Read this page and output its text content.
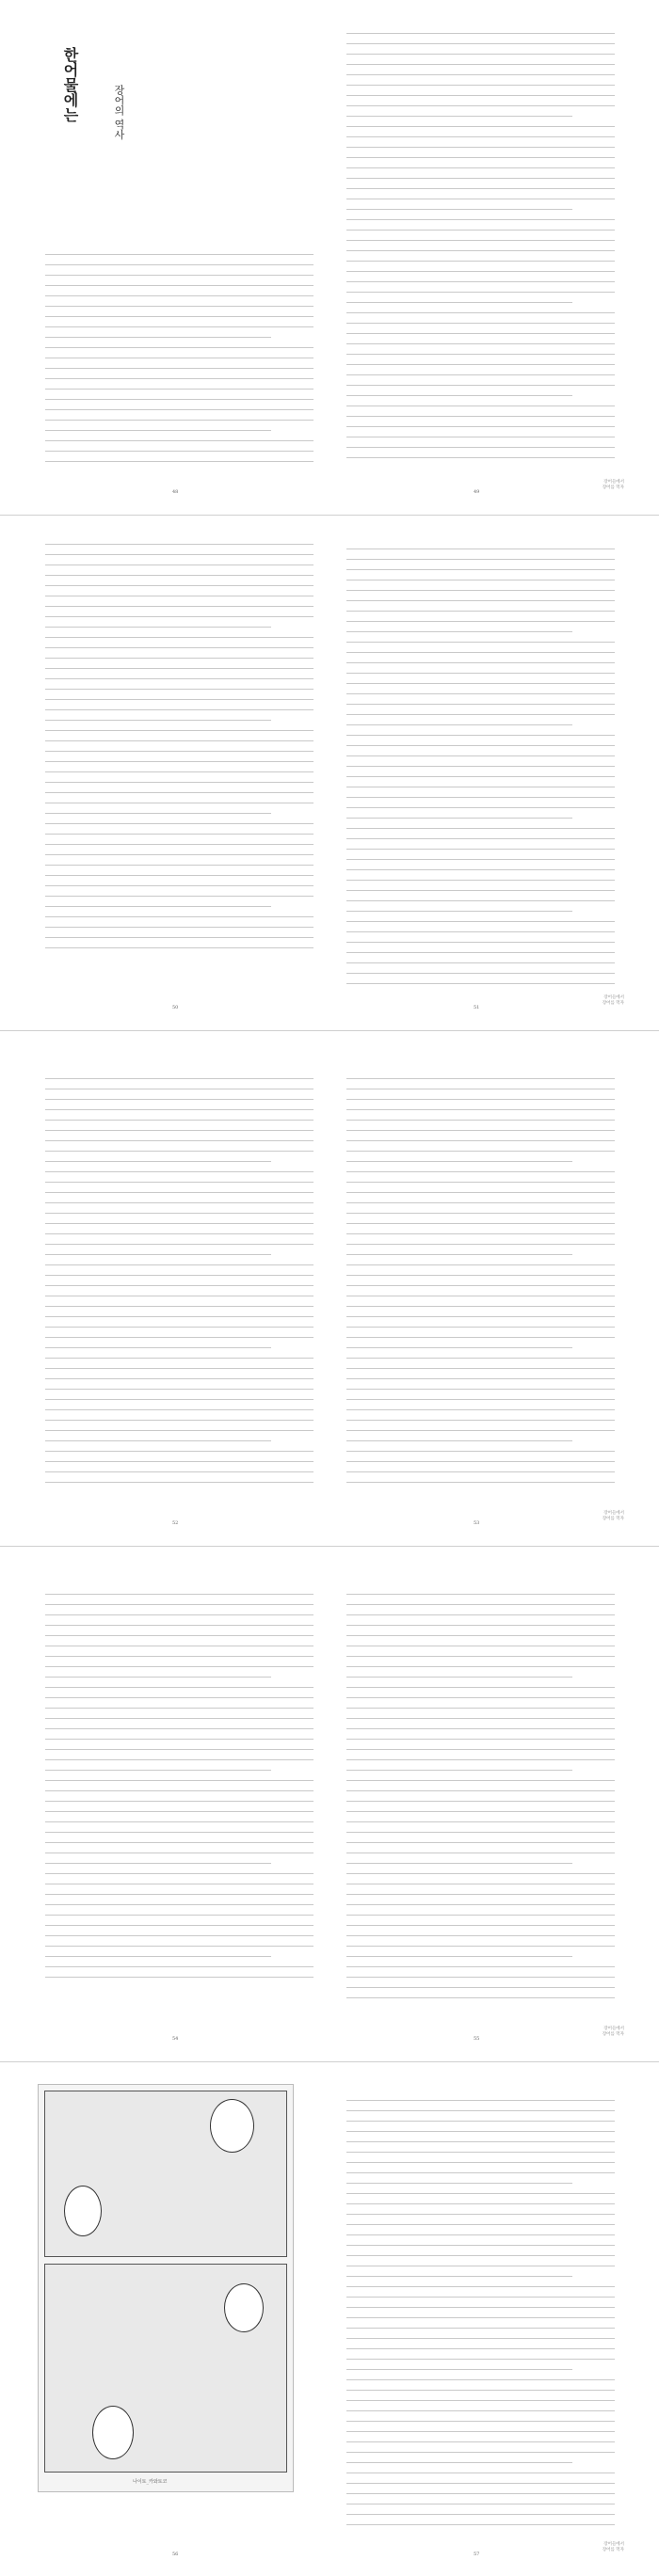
한어물에는	장어의 역사
48	49
장어들에서
장어를 먹자
50	51
장어들에서
장어를 먹자
52	53
장어들에서
장어를 먹자
54	55
장어들에서
장어를 먹자
56	57
장어들에서
장어를 먹자
나이토_카와토코
